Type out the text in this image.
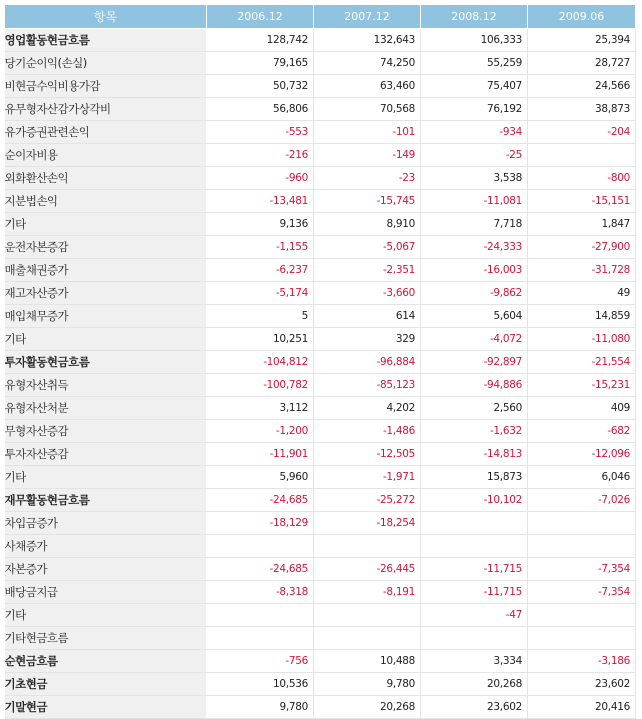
항목	2006.12	2007.12	2008.12	2009.06
영업활동현금흐름	128,742	132,643	106,333	25,394
당기순이익(손실)	79,165	74,250	55,259	28,727
비현금수익비용가감	50,732	63,460	75,407	24,566
유무형자산감가상각비	56,806	70,568	76,192	38,873
유가증권관련손익	-553	-101	-934	-204
순이자비용	-216	-149	-25	
외화환산손익	-960	-23	3,538	-800
지분법손익	-13,481	-15,745	-11,081	-15,151
기타	9,136	8,910	7,718	1,847
운전자본증감	-1,155	-5,067	-24,333	-27,900
매출채권증가	-6,237	-2,351	-16,003	-31,728
재고자산증가	-5,174	-3,660	-9,862	49
매입채무증가	5	614	5,604	14,859
기타	10,251	329	-4,072	-11,080
투자활동현금흐름	-104,812	-96,884	-92,897	-21,554
유형자산취득	-100,782	-85,123	-94,886	-15,231
유형자산처분	3,112	4,202	2,560	409
무형자산증감	-1,200	-1,486	-1,632	-682
투자자산증감	-11,901	-12,505	-14,813	-12,096
기타	5,960	-1,971	15,873	6,046
재무활동현금흐름	-24,685	-25,272	-10,102	-7,026
차입금증가	-18,129	-18,254		
사채증가				
자본증가	-24,685	-26,445	-11,715	-7,354
배당금지급	-8,318	-8,191	-11,715	-7,354
기타			-47	
기타현금흐름				
순현금흐름	-756	10,488	3,334	-3,186
기초현금	10,536	9,780	20,268	23,602
기말현금	9,780	20,268	23,602	20,416
